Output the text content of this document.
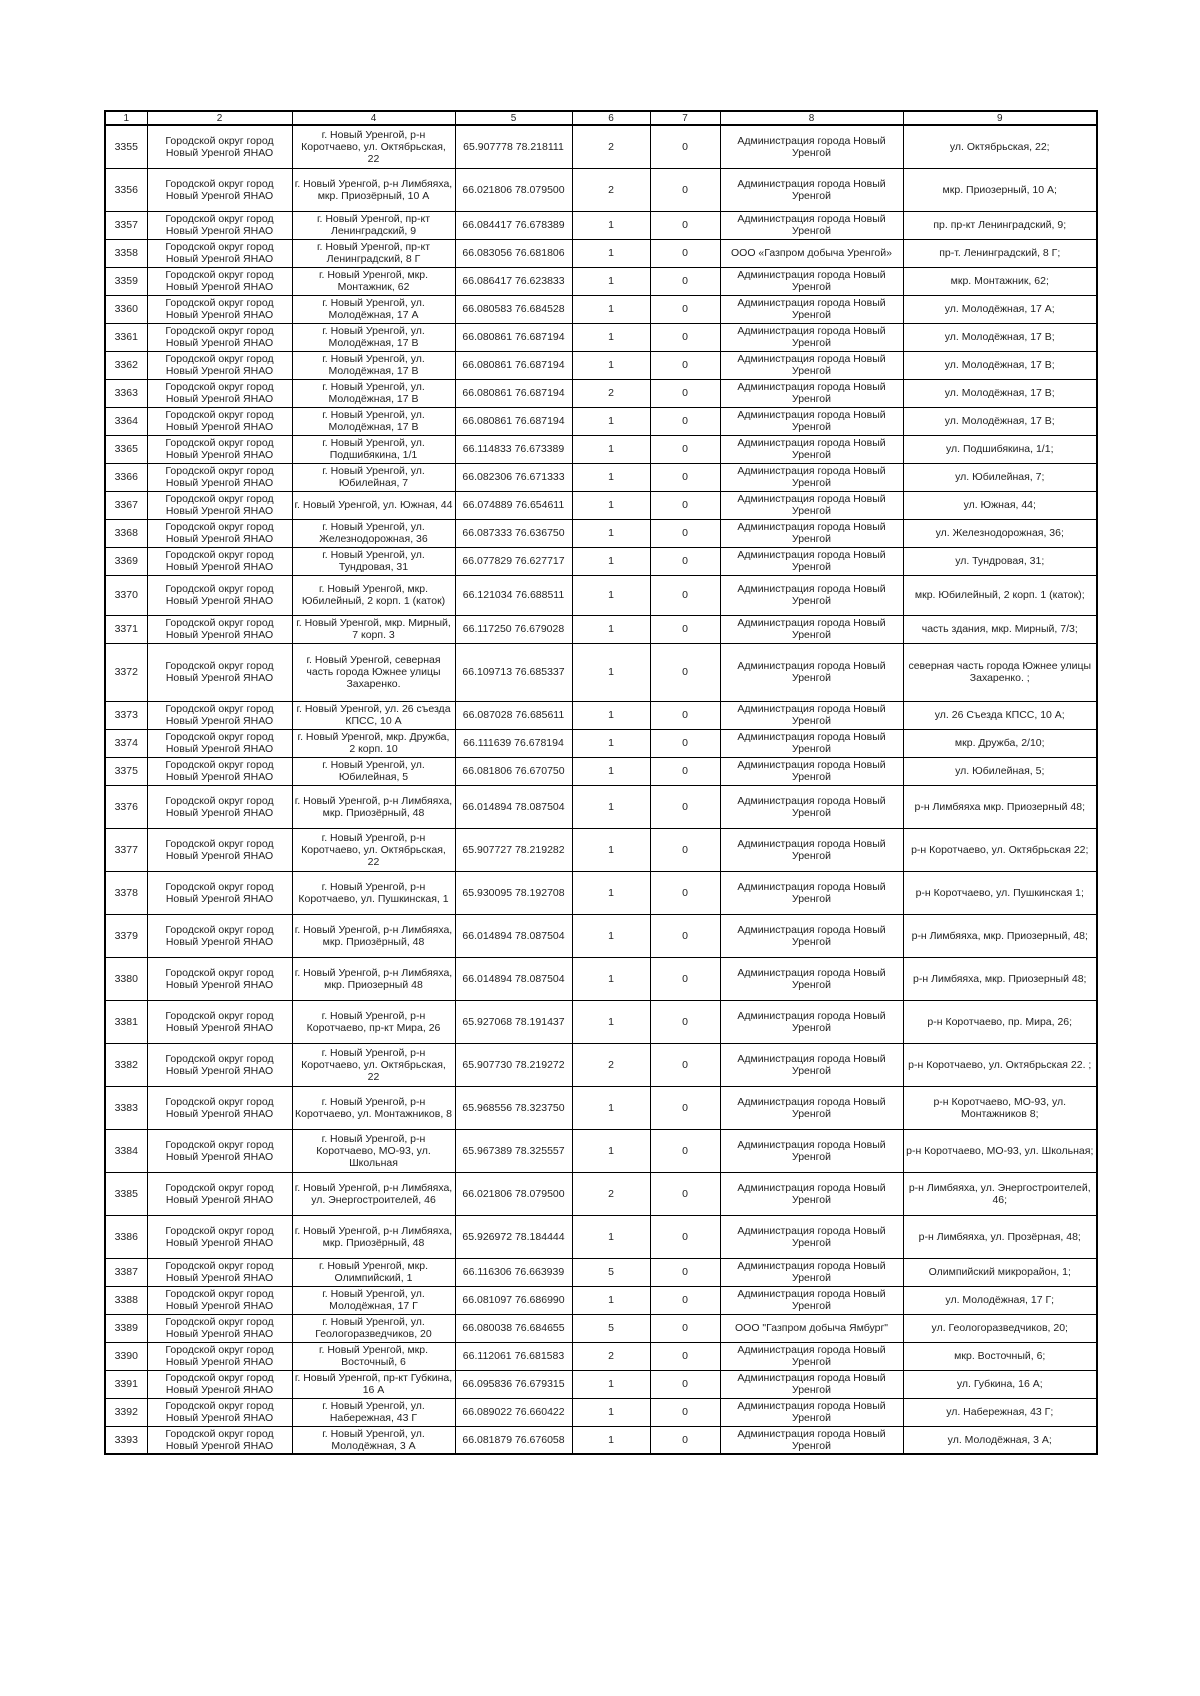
1	2	4	5	6	7	8	9
3355	Городской округ город Новый Уренгой ЯНАО	г. Новый Уренгой, р-н Коротчаево, ул. Октябрьская, 22	65.907778 78.218111	2	0	Администрация города Новый Уренгой	ул. Октябрьская, 22;
3356	Городской округ город Новый Уренгой ЯНАО	г. Новый Уренгой, р-н Лимбяяха, мкр. Приозёрный, 10 А	66.021806 78.079500	2	0	Администрация города Новый Уренгой	мкр. Приозерный, 10 А;
3357	Городской округ город Новый Уренгой ЯНАО	г. Новый Уренгой, пр-кт Ленинградский, 9	66.084417 76.678389	1	0	Администрация города Новый Уренгой	пр. пр-кт Ленинградский, 9;
3358	Городской округ город Новый Уренгой ЯНАО	г. Новый Уренгой, пр-кт Ленинградский, 8 Г	66.083056 76.681806	1	0	ООО «Газпром добыча Уренгой»	пр-т. Ленинградский, 8 Г;
3359	Городской округ город Новый Уренгой ЯНАО	г. Новый Уренгой, мкр. Монтажник, 62	66.086417 76.623833	1	0	Администрация города Новый Уренгой	мкр. Монтажник, 62;
3360	Городской округ город Новый Уренгой ЯНАО	г. Новый Уренгой, ул. Молодёжная, 17 А	66.080583 76.684528	1	0	Администрация города Новый Уренгой	ул. Молодёжная, 17 А;
3361	Городской округ город Новый Уренгой ЯНАО	г. Новый Уренгой, ул. Молодёжная, 17 В	66.080861 76.687194	1	0	Администрация города Новый Уренгой	ул. Молодёжная, 17 В;
3362	Городской округ город Новый Уренгой ЯНАО	г. Новый Уренгой, ул. Молодёжная, 17 В	66.080861 76.687194	1	0	Администрация города Новый Уренгой	ул. Молодёжная, 17 В;
3363	Городской округ город Новый Уренгой ЯНАО	г. Новый Уренгой, ул. Молодёжная, 17 В	66.080861 76.687194	2	0	Администрация города Новый Уренгой	ул. Молодёжная, 17 В;
3364	Городской округ город Новый Уренгой ЯНАО	г. Новый Уренгой, ул. Молодёжная, 17 В	66.080861 76.687194	1	0	Администрация города Новый Уренгой	ул. Молодёжная, 17 В;
3365	Городской округ город Новый Уренгой ЯНАО	г. Новый Уренгой, ул. Подшибякина, 1/1	66.114833 76.673389	1	0	Администрация города Новый Уренгой	ул. Подшибякина, 1/1;
3366	Городской округ город Новый Уренгой ЯНАО	г. Новый Уренгой, ул. Юбилейная, 7	66.082306 76.671333	1	0	Администрация города Новый Уренгой	ул. Юбилейная, 7;
3367	Городской округ город Новый Уренгой ЯНАО	г. Новый Уренгой, ул. Южная, 44	66.074889 76.654611	1	0	Администрация города Новый Уренгой	ул. Южная, 44;
3368	Городской округ город Новый Уренгой ЯНАО	г. Новый Уренгой, ул. Железнодорожная, 36	66.087333 76.636750	1	0	Администрация города Новый Уренгой	ул. Железнодорожная, 36;
3369	Городской округ город Новый Уренгой ЯНАО	г. Новый Уренгой, ул. Тундровая, 31	66.077829 76.627717	1	0	Администрация города Новый Уренгой	ул. Тундровая, 31;
3370	Городской округ город Новый Уренгой ЯНАО	г. Новый Уренгой, мкр. Юбилейный, 2 корп. 1 (каток)	66.121034 76.688511	1	0	Администрация города Новый Уренгой	мкр. Юбилейный, 2 корп. 1 (каток);
3371	Городской округ город Новый Уренгой ЯНАО	г. Новый Уренгой, мкр. Мирный, 7 корп. 3	66.117250 76.679028	1	0	Администрация города Новый Уренгой	часть здания, мкр. Мирный, 7/3;
3372	Городской округ город Новый Уренгой ЯНАО	г. Новый Уренгой, северная часть города Южнее улицы Захаренко.	66.109713 76.685337	1	0	Администрация города Новый Уренгой	северная часть города Южнее улицы Захаренко. ;
3373	Городской округ город Новый Уренгой ЯНАО	г. Новый Уренгой, ул. 26 съезда КПСС, 10 А	66.087028 76.685611	1	0	Администрация города Новый Уренгой	ул. 26 Съезда КПСС, 10 А;
3374	Городской округ город Новый Уренгой ЯНАО	г. Новый Уренгой, мкр. Дружба, 2 корп. 10	66.111639 76.678194	1	0	Администрация города Новый Уренгой	мкр. Дружба, 2/10;
3375	Городской округ город Новый Уренгой ЯНАО	г. Новый Уренгой, ул. Юбилейная, 5	66.081806 76.670750	1	0	Администрация города Новый Уренгой	ул. Юбилейная, 5;
3376	Городской округ город Новый Уренгой ЯНАО	г. Новый Уренгой, р-н Лимбяяха, мкр. Приозёрный, 48	66.014894 78.087504	1	0	Администрация города Новый Уренгой	р-н Лимбяяха мкр. Приозерный 48;
3377	Городской округ город Новый Уренгой ЯНАО	г. Новый Уренгой, р-н Коротчаево, ул. Октябрьская, 22	65.907727 78.219282	1	0	Администрация города Новый Уренгой	р-н Коротчаево, ул. Октябрьская 22;
3378	Городской округ город Новый Уренгой ЯНАО	г. Новый Уренгой, р-н Коротчаево, ул. Пушкинская, 1	65.930095 78.192708	1	0	Администрация города Новый Уренгой	р-н Коротчаево, ул. Пушкинская 1;
3379	Городской округ город Новый Уренгой ЯНАО	г. Новый Уренгой, р-н Лимбяяха, мкр. Приозёрный, 48	66.014894 78.087504	1	0	Администрация города Новый Уренгой	р-н Лимбяяха, мкр. Приозерный, 48;
3380	Городской округ город Новый Уренгой ЯНАО	г. Новый Уренгой, р-н Лимбяяха, мкр. Приозерный 48	66.014894 78.087504	1	0	Администрация города Новый Уренгой	р-н Лимбяяха, мкр. Приозерный 48;
3381	Городской округ город Новый Уренгой ЯНАО	г. Новый Уренгой, р-н Коротчаево, пр-кт Мира, 26	65.927068 78.191437	1	0	Администрация города Новый Уренгой	р-н Коротчаево, пр. Мира, 26;
3382	Городской округ город Новый Уренгой ЯНАО	г. Новый Уренгой, р-н Коротчаево, ул. Октябрьская, 22	65.907730 78.219272	2	0	Администрация города Новый Уренгой	р-н Коротчаево, ул. Октябрьская 22. ;
3383	Городской округ город Новый Уренгой ЯНАО	г. Новый Уренгой, р-н Коротчаево, ул. Монтажников, 8	65.968556 78.323750	1	0	Администрация города Новый Уренгой	р-н Коротчаево, МО-93, ул. Монтажников 8;
3384	Городской округ город Новый Уренгой ЯНАО	г. Новый Уренгой, р-н Коротчаево, МО-93, ул. Школьная	65.967389 78.325557	1	0	Администрация города Новый Уренгой	р-н Коротчаево, МО-93, ул. Школьная;
3385	Городской округ город Новый Уренгой ЯНАО	г. Новый Уренгой, р-н Лимбяяха, ул. Энергостроителей, 46	66.021806 78.079500	2	0	Администрация города Новый Уренгой	р-н Лимбяяха, ул. Энергостроителей, 46;
3386	Городской округ город Новый Уренгой ЯНАО	г. Новый Уренгой, р-н Лимбяяха, мкр. Приозёрный, 48	65.926972 78.184444	1	0	Администрация города Новый Уренгой	р-н Лимбяяха, ул. Прозёрная, 48;
3387	Городской округ город Новый Уренгой ЯНАО	г. Новый Уренгой, мкр. Олимпийский, 1	66.116306 76.663939	5	0	Администрация города Новый Уренгой	Олимпийский микрорайон, 1;
3388	Городской округ город Новый Уренгой ЯНАО	г. Новый Уренгой, ул. Молодёжная, 17 Г	66.081097 76.686990	1	0	Администрация города Новый Уренгой	ул. Молодёжная, 17 Г;
3389	Городской округ город Новый Уренгой ЯНАО	г. Новый Уренгой, ул. Геологоразведчиков, 20	66.080038 76.684655	5	0	ООО "Газпром добыча Ямбург"	ул. Геологоразведчиков, 20;
3390	Городской округ город Новый Уренгой ЯНАО	г. Новый Уренгой, мкр. Восточный, 6	66.112061 76.681583	2	0	Администрация города Новый Уренгой	мкр. Восточный, 6;
3391	Городской округ город Новый Уренгой ЯНАО	г. Новый Уренгой, пр-кт Губкина, 16 А	66.095836 76.679315	1	0	Администрация города Новый Уренгой	ул. Губкина, 16 А;
3392	Городской округ город Новый Уренгой ЯНАО	г. Новый Уренгой, ул. Набережная, 43 Г	66.089022 76.660422	1	0	Администрация города Новый Уренгой	ул. Набережная, 43 Г;
3393	Городской округ город Новый Уренгой ЯНАО	г. Новый Уренгой, ул. Молодёжная, 3 А	66.081879 76.676058	1	0	Администрация города Новый Уренгой	ул. Молодёжная, 3 А;
